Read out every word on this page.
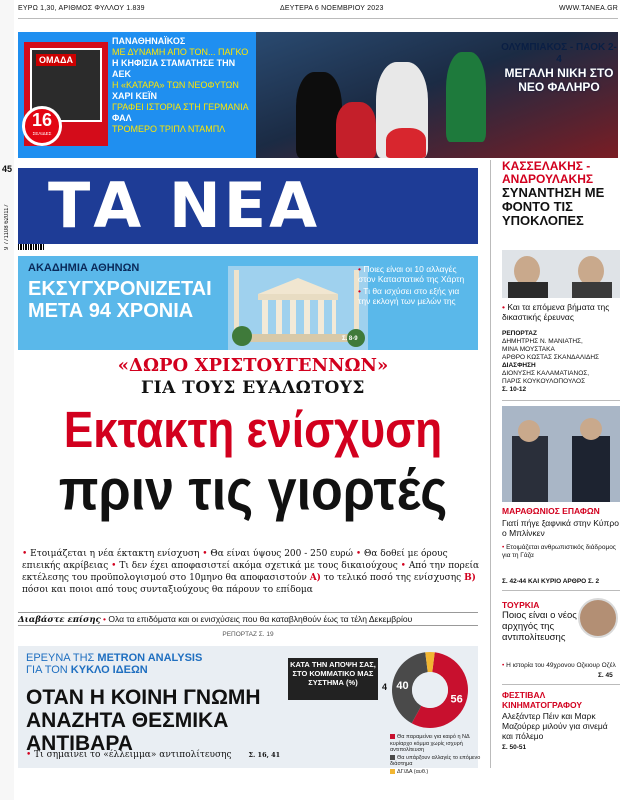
ΕΥΡΩ 1,30, ΑΡΙΘΜΟΣ ΦΥΛΛΟΥ 1.839	ΔΕΥΤΕΡΑ 6 ΝΟΕΜΒΡΙΟΥ 2023	WWW.TANEA.GR
ΟΜΑΔΑ
16
ΣΕΛΙΔΕΣ
ΠΑΝΑΘΗΝΑΪΚΟΣ
ΜΕ ΔΥΝΑΜΗ ΑΠΟ ΤΟΝ... ΠΑΓΚΟ
Η ΚΗΦΙΣΙΑ ΣΤΑΜΑΤΗΣΕ ΤΗΝ ΑΕΚ
Η «ΚΑΤΑΡΑ» ΤΩΝ ΝΕΟΦΥΤΩΝ
ΧΑΡΙ ΚΕΪΝ
ΓΡΑΦΕΙ ΙΣΤΟΡΙΑ ΣΤΗ ΓΕΡΜΑΝΙΑ
ΦΑΛ
ΤΡΟΜΕΡΟ ΤΡΙΠΛ ΝΤΑΜΠΛ
ΟΛΥΜΠΙΑΚΟΣ - ΠΑΟΚ 2-4
ΜΕΓΑΛΗ ΝΙΚΗ ΣΤΟ ΝΕΟ ΦΑΛΗΡΟ
9 771108 620117
45 ΤΑ ΝΕΑ
ΚΑΣΣΕΛΑΚΗΣ -
ΑΝΔΡΟΥΛΑΚΗΣ
ΣΥΝΑΝΤΗΣΗ ΜΕ ΦΟΝΤΟ ΤΙΣ ΥΠΟΚΛΟΠΕΣ
• Και τα επόμενα βήματα της δικαστικής έρευνας
ΡΕΠΟΡΤΑΖ
ΔΗΜΗΤΡΗΣ Ν. ΜΑΝΙΑΤΗΣ,
ΜΙΝΑ ΜΟΥΣΤΑΚΑ
ΑΡΘΡΟ ΚΩΣΤΑΣ ΣΚΑΝΔΑΛΙΔΗΣ
ΔΙΑΣΦΗΣΗ
ΔΙΟΝΥΣΗΣ ΚΑΛΑΜΑΤΙΑΝΟΣ,
ΠΑΡΙΣ ΚΟΥΚΟΥΛΟΠΟΥΛΟΣ
Σ. 10-12
ΜΑΡΑΘΩΝΙΟΣ ΕΠΑΦΩΝ
Γιατί πήγε ξαφνικά στην Κύπρο ο Μπλίνκεν
• Ετοιμάζεται ανθρωπιστικός διάδρομος για τη Γάζα
Σ. 42-44 ΚΑΙ ΚΥΡΙΟ ΑΡΘΡΟ Σ. 2
ΤΟΥΡΚΙΑ
Ποιος είναι ο νέος αρχηγός της αντιπολίτευσης
• Η ιστορία του 49χρονου Οζκιουρ Οζέλ
Σ. 45
ΦΕΣΤΙΒΑΛ ΚΙΝΗΜΑΤΟΓΡΑΦΟΥ
Αλεξάντερ Πέιν και Μαρκ Μαζούρερ μιλούν για σινεμά και πόλεμο
Σ. 50-51
ΑΚΑΔΗΜΙΑ ΑΘΗΝΩΝ
ΕΚΣΥΓΧΡΟΝΙΖΕΤΑΙ ΜΕΤΑ 94 ΧΡΟΝΙΑ
• Ποιες είναι οι 10 αλλαγές στον Καταστατικό της Χάρτη
• Τι θα ισχύσει στο εξής για την εκλογή των μελών της
Σ. 8-9
«ΔΩΡΟ ΧΡΙΣΤΟΥΓΕΝΝΩΝ»
ΓΙΑ ΤΟΥΣ ΕΥΑΛΩΤΟΥΣ
Εκτακτη ενίσχυση
πριν τις γιορτές
• Ετοιμάζεται η νέα έκτακτη ενίσχυση • Θα είναι ύψους 200 - 250 ευρώ • Θα δοθεί με όρους επιεικής ακρίβειας • Τι δεν έχει αποφασιστεί ακόμα σχετικά με τους δικαιούχους • Από την πορεία εκτέλεσης του προϋπολογισμού στο 10μηνο θα αποφασιστούν A) το τελικό ποσό της ενίσχυσης B) πόσοι και ποιοι από τους συνταξιούχους θα πάρουν το επίδομα
Διαβάστε επίσης • Ολα τα επιδόματα και οι ενισχύσεις που θα καταβληθούν έως τα τέλη Δεκεμβρίου
ΡΕΠΟΡΤΑΖ Σ. 19
ΕΡΕΥΝΑ ΤΗΣ METRON ANALYSIS
ΓΙΑ ΤΟΝ ΚΥΚΛΟ ΙΔΕΩΝ
ΟΤΑΝ Η ΚΟΙΝΗ ΓΝΩΜΗ ΑΝΑΖΗΤΑ ΘΕΣΜΙΚΑ ΑΝΤΙΒΑΡΑ
• Τι σημαίνει το «έλλειμμα» αντιπολίτευσης	Σ. 16, 41
ΚΑΤΑ ΤΗΝ ΑΠΟΨΗ ΣΑΣ, ΣΤΟ ΚΟΜΜΑΤΙΚΟ ΜΑΣ ΣΥΣΤΗΜΑ (%)
56
40
4
Θα παραμείνει για καιρό η ΝΔ κυρίαρχο κόμμα χωρίς ισχυρή αντιπολίτευση
Θα υπάρξουν αλλαγές το επόμενο διάστημα
ΔΓ/ΔΑ (αυθ.)
